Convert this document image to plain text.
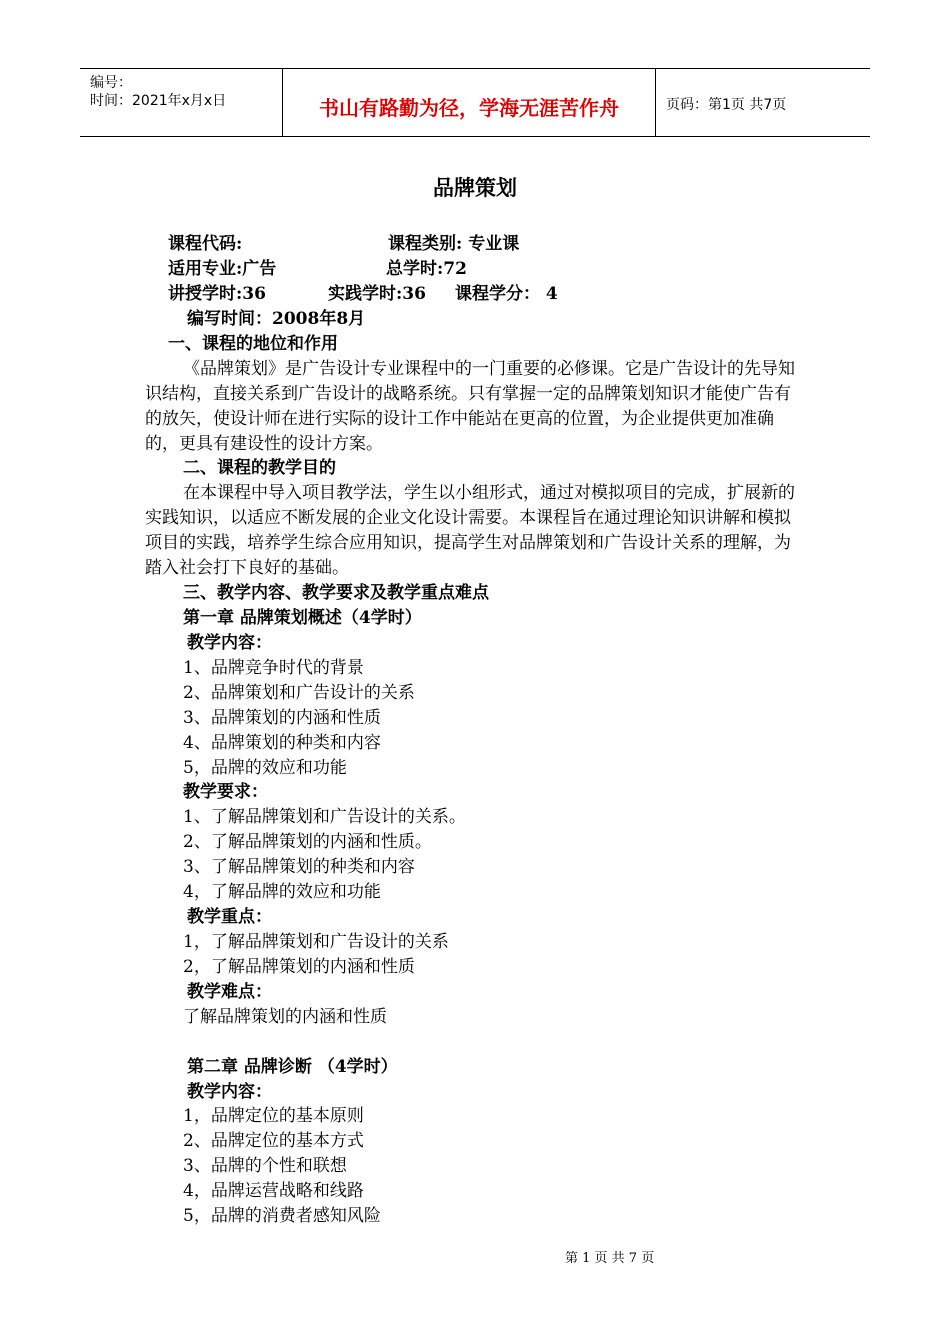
编号：
时间：2021年x月x日	书山有路勤为径，学海无涯苦作舟	页码：第1页 共7页
品牌策划
课程代码:	课程类别: 专业课
适用专业:广告	总学时:72
讲授学时:36	实践学时:36 课程学分： 4
编写时间：2008年8月
一、课程的地位和作用
《品牌策划》是广告设计专业课程中的一门重要的必修课。它是广告设计的先导知识结构，直接关系到广告设计的战略系统。只有掌握一定的品牌策划知识才能使广告有的放矢，使设计师在进行实际的设计工作中能站在更高的位置，为企业提供更加准确的，更具有建设性的设计方案。
二、课程的教学目的
在本课程中导入项目教学法，学生以小组形式，通过对模拟项目的完成，扩展新的实践知识，以适应不断发展的企业文化设计需要。本课程旨在通过理论知识讲解和模拟项目的实践，培养学生综合应用知识，提高学生对品牌策划和广告设计关系的理解，为踏入社会打下良好的基础。
三、教学内容、教学要求及教学重点难点
第一章 品牌策划概述（4学时）
教学内容：
1、品牌竞争时代的背景
2、品牌策划和广告设计的关系
3、品牌策划的内涵和性质
4、品牌策划的种类和内容
5，品牌的效应和功能
教学要求：
1、了解品牌策划和广告设计的关系。
2、了解品牌策划的内涵和性质。
3、了解品牌策划的种类和内容
4，了解品牌的效应和功能
教学重点：
1，了解品牌策划和广告设计的关系
2，了解品牌策划的内涵和性质
教学难点：
了解品牌策划的内涵和性质
第二章 品牌诊断 （4学时）
教学内容：
1，品牌定位的基本原则
2、品牌定位的基本方式
3、品牌的个性和联想
4，品牌运营战略和线路
5，品牌的消费者感知风险
第 1 页 共 7 页
